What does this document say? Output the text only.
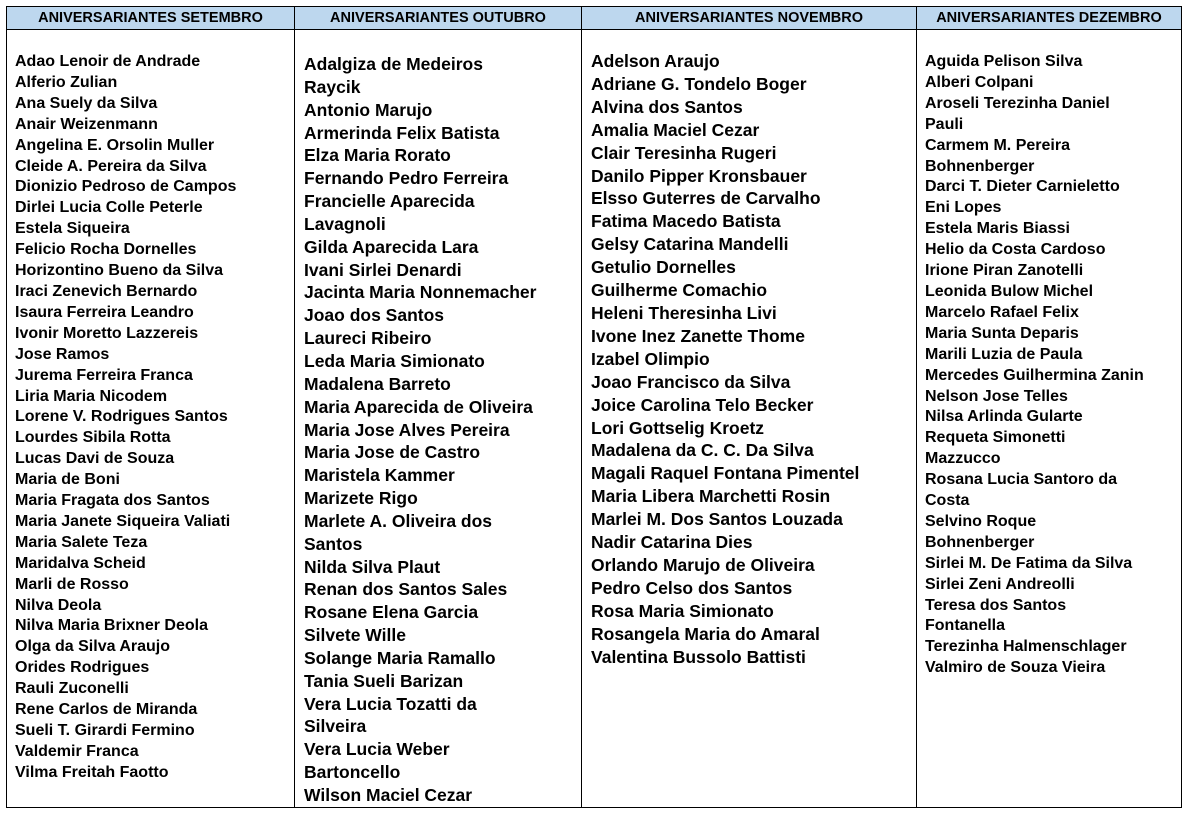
ANIVERSARIANTES SETEMBRO
Adao Lenoir de Andrade
Alferio Zulian
Ana Suely da Silva
Anair Weizenmann
Angelina E. Orsolin Muller
Cleide A. Pereira da Silva
Dionizio Pedroso de Campos
Dirlei Lucia Colle Peterle
Estela Siqueira
Felicio Rocha Dornelles
Horizontino Bueno da Silva
Iraci Zenevich Bernardo
Isaura Ferreira Leandro
Ivonir Moretto Lazzereis
Jose Ramos
Jurema Ferreira Franca
Liria Maria Nicodem
Lorene V. Rodrigues Santos
Lourdes Sibila Rotta
Lucas Davi de Souza
Maria de Boni
Maria Fragata dos Santos
Maria Janete Siqueira Valiati
Maria Salete Teza
Maridalva Scheid
Marli de Rosso
Nilva Deola
Nilva Maria Brixner Deola
Olga da Silva Araujo
Orides Rodrigues
Rauli Zuconelli
Rene Carlos de Miranda
Sueli T. Girardi Fermino
Valdemir Franca
Vilma Freitah Faotto
ANIVERSARIANTES OUTUBRO
Adalgiza de Medeiros
Raycik
Antonio Marujo
Armerinda Felix Batista
Elza Maria Rorato
Fernando Pedro Ferreira
Francielle Aparecida
Lavagnoli
Gilda Aparecida Lara
Ivani Sirlei Denardi
Jacinta Maria Nonnemacher
Joao dos Santos
Laureci Ribeiro
Leda Maria Simionato
Madalena Barreto
Maria Aparecida de Oliveira
Maria Jose Alves Pereira
Maria Jose de Castro
Maristela Kammer
Marizete Rigo
Marlete A. Oliveira dos
Santos
Nilda Silva Plaut
Renan dos Santos Sales
Rosane Elena Garcia
Silvete Wille
Solange Maria Ramallo
Tania Sueli Barizan
Vera Lucia Tozatti da
Silveira
Vera Lucia Weber
Bartoncello
Wilson Maciel Cezar
ANIVERSARIANTES NOVEMBRO
Adelson Araujo
Adriane G. Tondelo Boger
Alvina dos Santos
Amalia Maciel Cezar
Clair Teresinha Rugeri
Danilo Pipper Kronsbauer
Elsso Guterres de Carvalho
Fatima Macedo Batista
Gelsy Catarina Mandelli
Getulio Dornelles
Guilherme Comachio
Heleni Theresinha Livi
Ivone Inez Zanette Thome
Izabel Olimpio
Joao Francisco da Silva
Joice Carolina Telo Becker
Lori Gottselig Kroetz
Madalena da C. C. Da Silva
Magali Raquel Fontana Pimentel
Maria Libera Marchetti Rosin
Marlei M. Dos Santos Louzada
Nadir Catarina Dies
Orlando Marujo de Oliveira
Pedro Celso dos Santos
Rosa Maria Simionato
Rosangela Maria do Amaral
Valentina Bussolo Battisti
ANIVERSARIANTES DEZEMBRO
Aguida Pelison Silva
Alberi Colpani
Aroseli Terezinha Daniel
Pauli
Carmem M. Pereira
Bohnenberger
Darci T. Dieter Carnieletto
Eni Lopes
Estela Maris Biassi
Helio da Costa Cardoso
Irione Piran Zanotelli
Leonida Bulow Michel
Marcelo Rafael Felix
Maria Sunta Deparis
Marili Luzia de Paula
Mercedes Guilhermina Zanin
Nelson Jose Telles
Nilsa Arlinda Gularte
Requeta Simonetti
Mazzucco
Rosana Lucia Santoro da
Costa
Selvino Roque
Bohnenberger
Sirlei M. De Fatima da Silva
Sirlei Zeni Andreolli
Teresa dos Santos
Fontanella
Terezinha Halmenschlager
Valmiro de Souza Vieira
